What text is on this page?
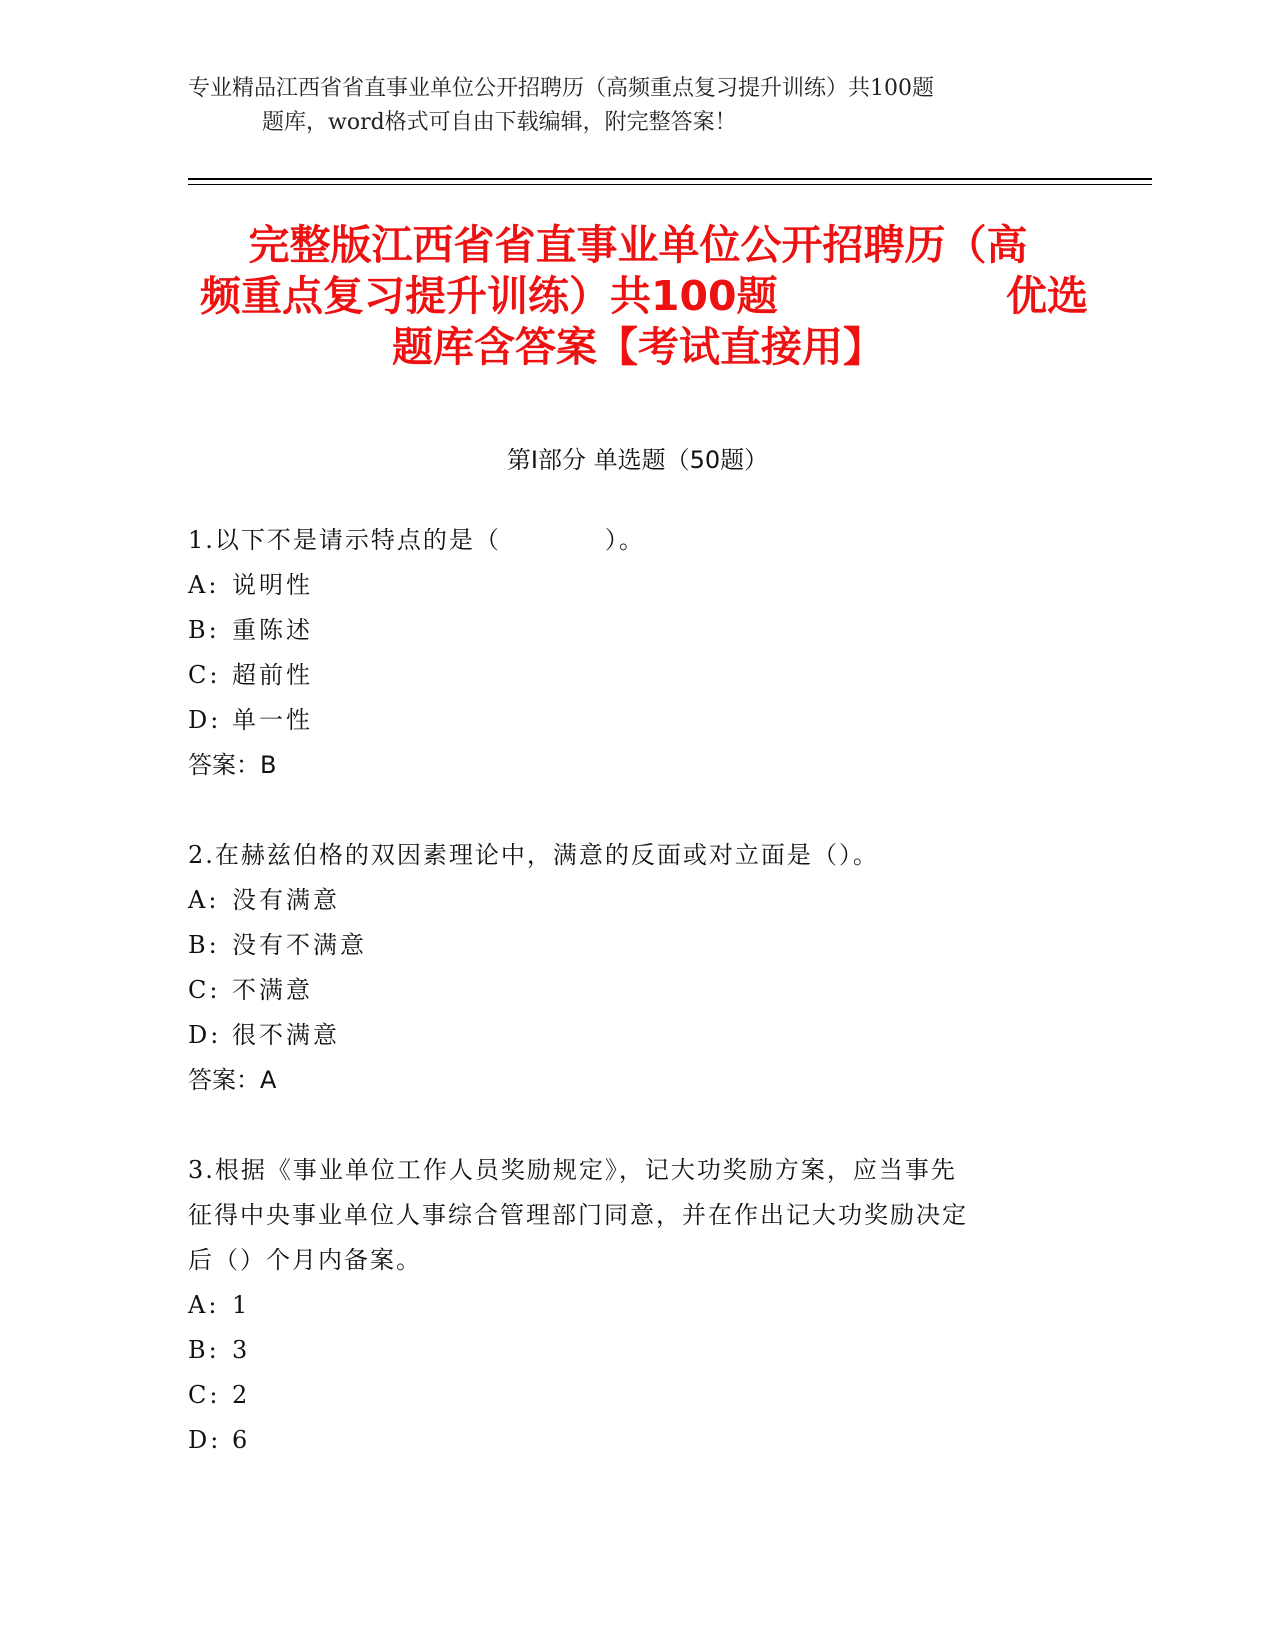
专业精品江西省省直事业单位公开招聘历（高频重点复习提升训练）共100题
题库，word格式可自由下载编辑，附完整答案！
完整版江西省省直事业单位公开招聘历（高
频重点复习提升训练）共100题	优选
题库含答案【考试直接用】
第Ⅰ部分 单选题（50题）
1.以下不是请示特点的是（　　　　）。
A: 说明性
B: 重陈述
C: 超前性
D: 单一性
答案：B
2.在赫兹伯格的双因素理论中，满意的反面或对立面是（）。
A: 没有满意
B: 没有不满意
C: 不满意
D: 很不满意
答案：A
3.根据《事业单位工作人员奖励规定》，记大功奖励方案，应当事先
征得中央事业单位人事综合管理部门同意，并在作出记大功奖励决定
后（）个月内备案。
A: 1
B: 3
C: 2
D: 6
